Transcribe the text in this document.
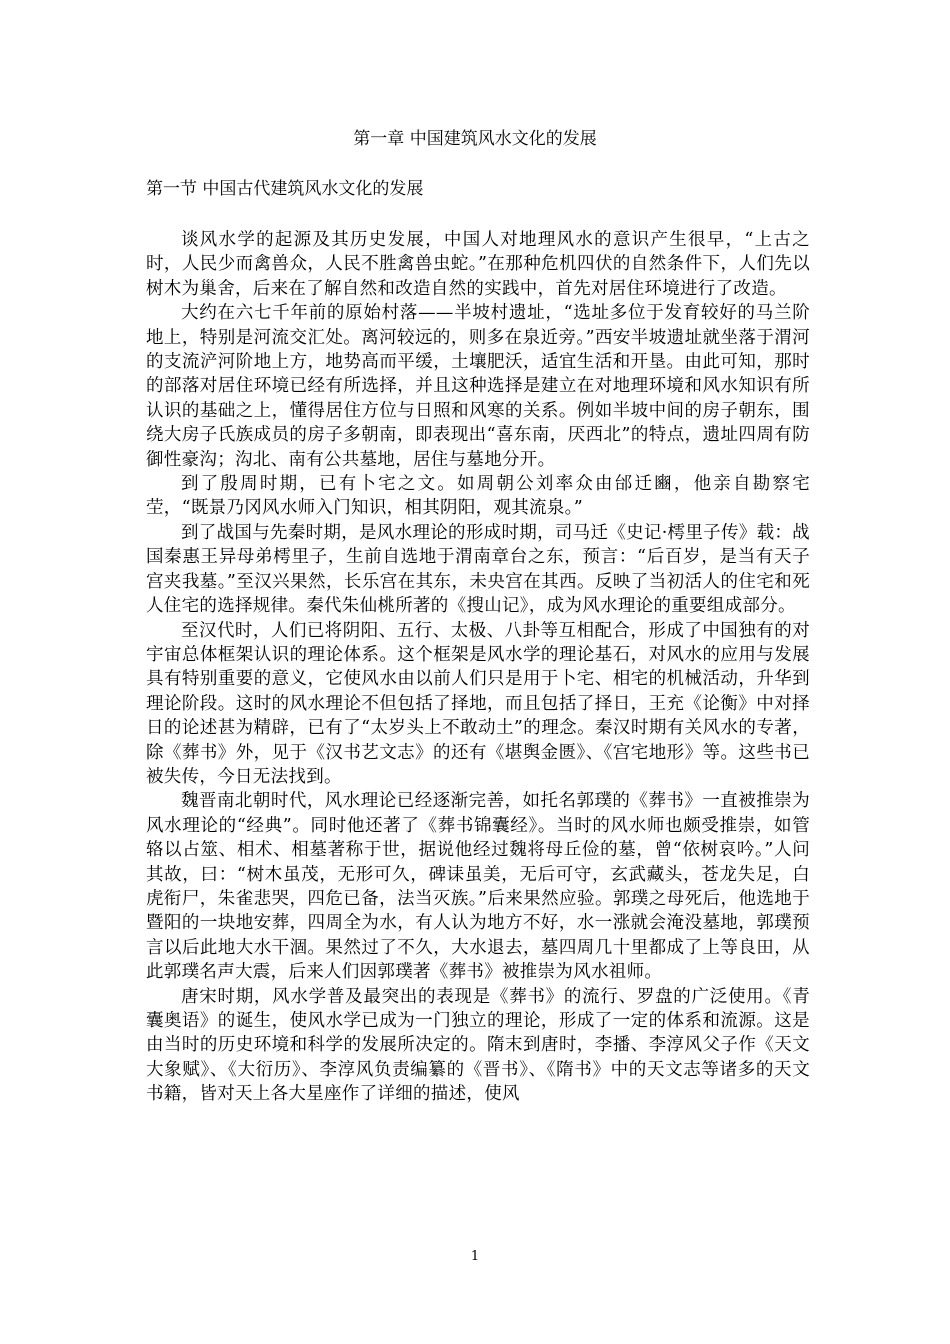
第一章 中国建筑风水文化的发展
第一节 中国古代建筑风水文化的发展

谈风水学的起源及其历史发展，中国人对地理风水的意识产生很早，“上古之时，人民少而禽兽众，人民不胜禽兽虫蛇。”在那种危机四伏的自然条件下，人们先以树木为巢舍，后来在了解自然和改造自然的实践中，首先对居住环境进行了改造。

大约在六七千年前的原始村落——半坡村遗址，“选址多位于发育较好的马兰阶地上，特别是河流交汇处。离河较远的，则多在泉近旁。”西安半坡遗址就坐落于渭河的支流浐河阶地上方，地势高而平缓，土壤肥沃，适宜生活和开垦。由此可知，那时的部落对居住环境已经有所选择，并且这种选择是建立在对地理环境和风水知识有所认识的基础之上，懂得居住方位与日照和风寒的关系。例如半坡中间的房子朝东，围绕大房子氏族成员的房子多朝南，即表现出“喜东南，厌西北”的特点，遗址四周有防御性豪沟；沟北、南有公共墓地，居住与墓地分开。

到了殷周时期，已有卜宅之文。如周朝公刘率众由邰迁豳，他亲自勘察宅茔，“既景乃冈风水师入门知识，相其阴阳，观其流泉。”

到了战国与先秦时期，是风水理论的形成时期，司马迁《史记·樗里子传》载：战国秦惠王异母弟樗里子，生前自选地于渭南章台之东，预言：“后百岁，是当有天子宫夹我墓。”至汉兴果然，长乐宫在其东，未央宫在其西。反映了当初活人的住宅和死人住宅的选择规律。秦代朱仙桃所著的《搜山记》，成为风水理论的重要组成部分。

至汉代时，人们已将阴阳、五行、太极、八卦等互相配合，形成了中国独有的对宇宙总体框架认识的理论体系。这个框架是风水学的理论基石，对风水的应用与发展具有特别重要的意义，它使风水由以前人们只是用于卜宅、相宅的机械活动，升华到理论阶段。这时的风水理论不但包括了择地，而且包括了择日，王充《论衡》中对择日的论述甚为精辟，已有了“太岁头上不敢动土”的理念。秦汉时期有关风水的专著，除《葬书》外，见于《汉书艺文志》的还有《堪舆金匮》、《宫宅地形》等。这些书已被失传，今日无法找到。

魏晋南北朝时代，风水理论已经逐渐完善，如托名郭璞的《葬书》一直被推崇为风水理论的“经典”。同时他还著了《葬书锦囊经》。当时的风水师也颇受推崇，如管辂以占筮、相术、相墓著称于世，据说他经过魏将母丘俭的墓，曾“依树哀吟。”人问其故，曰：“树木虽茂，无形可久，碑诔虽美，无后可守，玄武藏头，苍龙失足，白虎衔尸，朱雀悲哭，四危已备，法当灭族。”后来果然应验。郭璞之母死后，他选地于暨阳的一块地安葬，四周全为水，有人认为地方不好，水一涨就会淹没墓地，郭璞预言以后此地大水干涸。果然过了不久，大水退去，墓四周几十里都成了上等良田，从此郭璞名声大震，后来人们因郭璞著《葬书》被推崇为风水祖师。

唐宋时期，风水学普及最突出的表现是《葬书》的流行、罗盘的广泛使用。《青囊奥语》的诞生，使风水学已成为一门独立的理论，形成了一定的体系和流源。这是由当时的历史环境和科学的发展所决定的。隋末到唐时，李播、李淳风父子作《天文大象赋》、《大衍历》、李淳风负责编纂的《晋书》、《隋书》中的天文志等诸多的天文书籍，皆对天上各大星座作了详细的描述，使风

1
